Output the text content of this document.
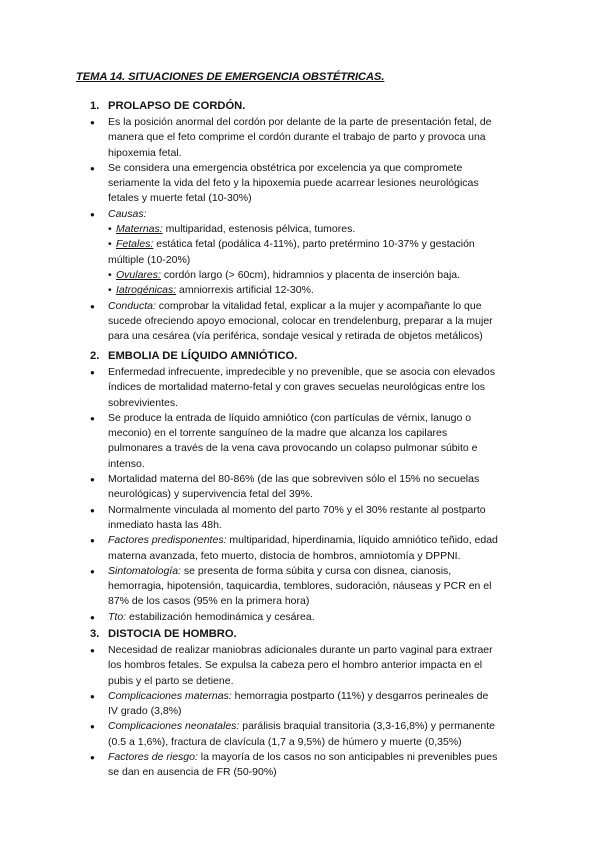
TEMA 14. SITUACIONES DE EMERGENCIA OBSTÉTRICAS.
1. PROLAPSO DE CORDÓN.
● Es la posición anormal del cordón por delante de la parte de presentación fetal, de manera que el feto comprime el cordón durante el trabajo de parto y provoca una hipoxemia fetal.
● Se considera una emergencia obstétrica por excelencia ya que compromete seriamente la vida del feto y la hipoxemia puede acarrear lesiones neurológicas fetales y muerte fetal (10-30%)
● Causas:
• Maternas: multiparidad, estenosis pélvica, tumores.
• Fetales: estática fetal (podálica 4-11%), parto pretérmino 10-37% y gestación múltiple (10-20%)
• Ovulares: cordón largo (> 60cm), hidramnios y placenta de inserción baja.
• Iatrogénicas: amniorrexis artificial 12-30%.
● Conducta: comprobar la vitalidad fetal, explicar a la mujer y acompañante lo que sucede ofreciendo apoyo emocional, colocar en trendelenburg, preparar a la mujer para una cesárea (vía periférica, sondaje vesical y retirada de objetos metálicos)
2. EMBOLIA DE LÍQUIDO AMNIÓTICO.
● Enfermedad infrecuente, impredecible y no prevenible, que se asocia con elevados índices de mortalidad materno-fetal y con graves secuelas neurológicas entre los sobrevivientes.
● Se produce la entrada de líquido amniótico (con partículas de vérnix, lanugo o meconio) en el torrente sanguíneo de la madre que alcanza los capilares pulmonares a través de la vena cava provocando un colapso pulmonar súbito e intenso.
● Mortalidad materna del 80-86% (de las que sobreviven sólo el 15% no secuelas neurológicas) y supervivencia fetal del 39%.
● Normalmente vinculada al momento del parto 70% y el 30% restante al postparto inmediato hasta las 48h.
● Factores predisponentes: multiparidad, hiperdinamia, líquido amniótico teñido, edad materna avanzada, feto muerto, distocia de hombros, amniotomía y DPPNI.
● Sintomatología: se presenta de forma súbita y cursa con disnea, cianosis, hemorragia, hipotensión, taquicardia, temblores, sudoración, náuseas y PCR en el 87% de los casos (95% en la primera hora)
● Tto: estabilización hemodinámica y cesárea.
3. DISTOCIA DE HOMBRO.
● Necesidad de realizar maniobras adicionales durante un parto vaginal para extraer los hombros fetales. Se expulsa la cabeza pero el hombro anterior impacta en el pubis y el parto se detiene.
● Complicaciones maternas: hemorragia postparto (11%) y desgarros perineales de IV grado (3,8%)
● Complicaciones neonatales: parálisis braquial transitoria (3,3-16,8%) y permanente (0.5 a 1,6%), fractura de clavícula (1,7 a 9,5%) de húmero y muerte (0,35%)
● Factores de riesgo: la mayoría de los casos no son anticipables ni prevenibles pues se dan en ausencia de FR (50-90%)
